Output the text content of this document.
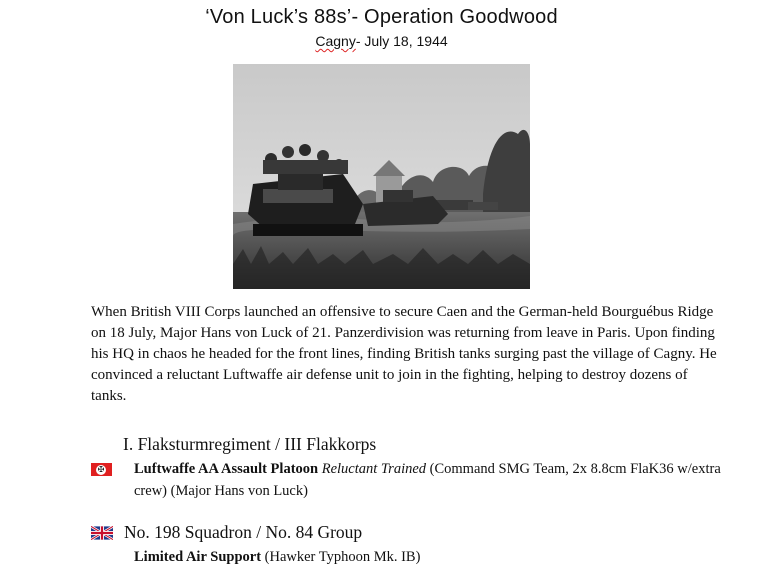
‘Von Luck’s 88s’- Operation Goodwood
Cagny- July 18, 1944

When British VIII Corps launched an offensive to secure Caen and the German-held Bourguébus Ridge on 18 July, Major Hans von Luck of 21. Panzerdivision was returning from leave in Paris. Upon finding his HQ in chaos he headed for the front lines, finding British tanks surging past the village of Cagny. He convinced a reluctant Luftwaffe air defense unit to join in the fighting, helping to destroy dozens of tanks.

I. Flaksturmregiment / III Flakkorps
✠ Luftwaffe AA Assault Platoon Reluctant Trained (Command SMG Team, 2x 8.8cm FlaK36 w/extra crew) (Major Hans von Luck)
No. 198 Squadron / No. 84 Group
Limited Air Support (Hawker Typhoon Mk. IB)
